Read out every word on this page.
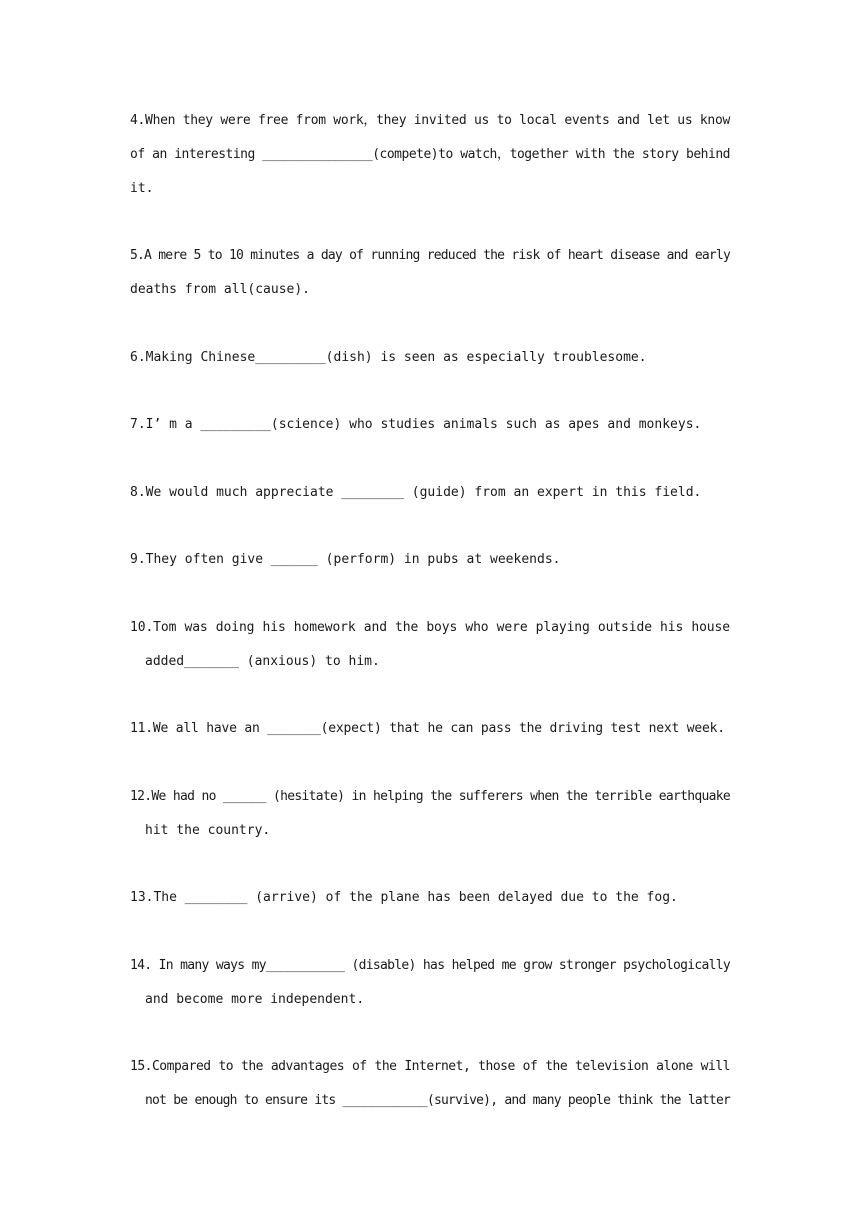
4.When they were free from work，they invited us to local events and let us know
of an interesting _______________(compete)to watch，together with the story behind
it.
5.A mere 5 to 10 minutes a day of running reduced the risk of heart disease and early
deaths from all(cause).
6.Making Chinese_________(dish) is seen as especially troublesome.
7.I’ m a _________(science) who studies animals such as apes and monkeys.
8.We would much appreciate ________ (guide) from an expert in this field.
9.They often give ______ (perform) in pubs at weekends.
10.Tom was doing his homework and the boys who were playing outside his house
added_______ (anxious) to him.
11.We all have an _______(expect) that he can pass the driving test next week.
12.We had no ______ (hesitate) in helping the sufferers when the terrible earthquake
hit the country.
13.The ________ (arrive) of the plane has been delayed due to the fog.
14. In many ways my___________ (disable) has helped me grow stronger psychologically
and become more independent.
15.Compared to the advantages of the Internet, those of the television alone will
not be enough to ensure its ____________(survive), and many people think the latter
